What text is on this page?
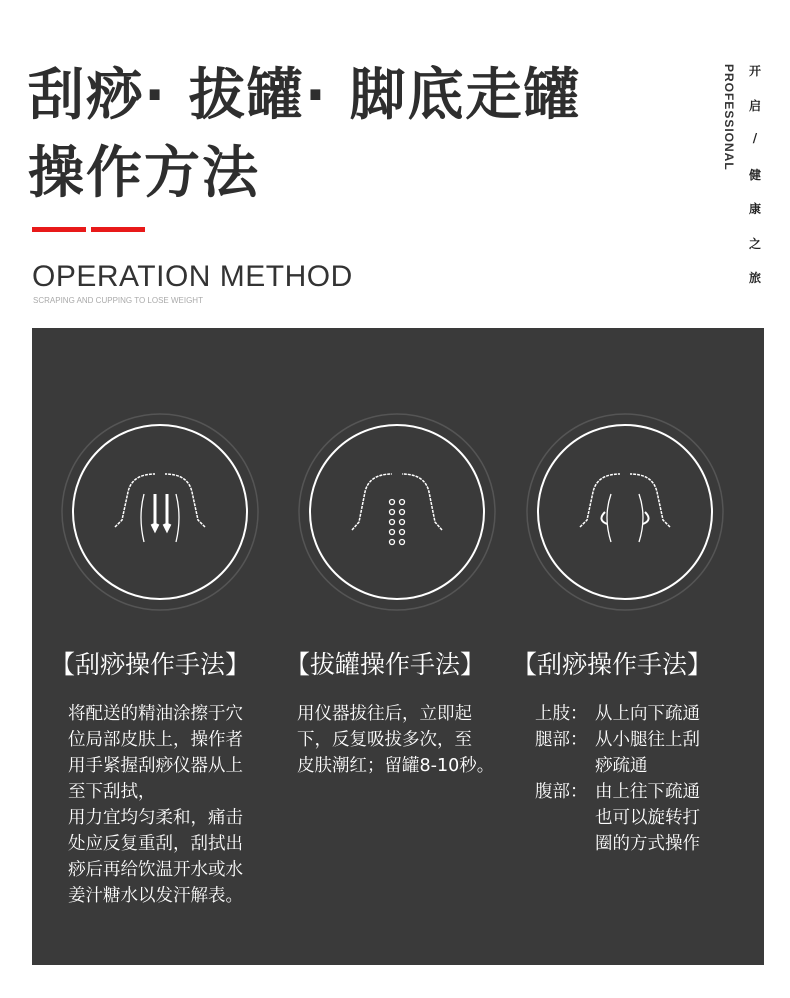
刮痧· 拔罐· 脚底走罐
操作方法
OPERATION METHOD
SCRAPING AND CUPPING TO LOSE WEIGHT
PROFESSIONAL 开
启
/
健
康
之
旅
【刮痧操作手法】 【拔罐操作手法】 【刮痧操作手法】
将配送的精油涂擦于穴
位局部皮肤上，操作者
用手紧握刮痧仪器从上
至下刮拭，
用力宜均匀柔和，痛击
处应反复重刮，刮拭出
痧后再给饮温开水或水
姜汁糖水以发汗解表。
用仪器拔往后，立即起
下，反复吸拔多次，至
皮肤潮红；留罐8-10秒。
上肢： 从上向下疏通
腿部： 从小腿往上刮
痧疏通
腹部： 由上往下疏通
也可以旋转打
圈的方式操作
